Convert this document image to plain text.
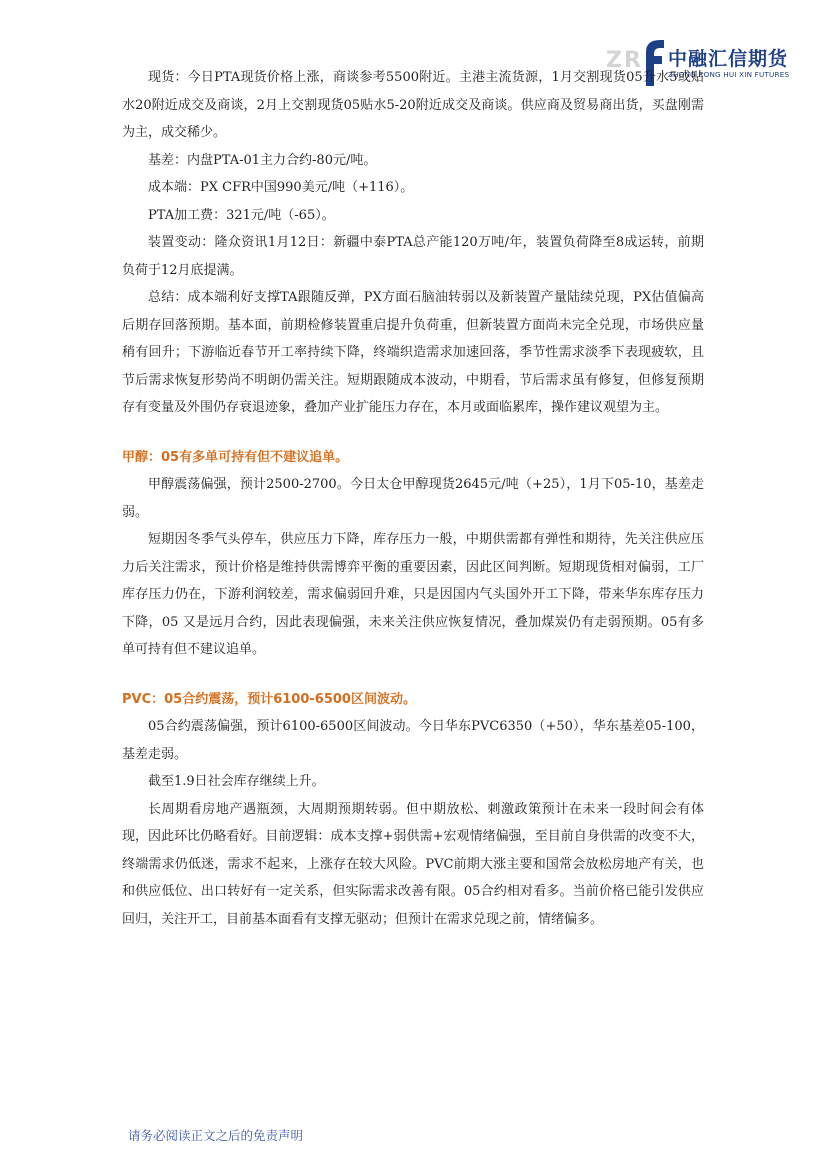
ZR 中融汇信期货
ZHONG RONG HUI XIN FUTURES

现货：今日PTA现货价格上涨，商谈参考5500附近。主港主流货源，1月交割现货05升水5或贴水20附近成交及商谈，2月上交割现货05贴水5-20附近成交及商谈。供应商及贸易商出货，买盘刚需为主，成交稀少。

基差：内盘PTA-01主力合约-80元/吨。

成本端：PX CFR中国990美元/吨（+116）。

PTA加工费：321元/吨（-65）。

装置变动：隆众资讯1月12日：新疆中泰PTA总产能120万吨/年，装置负荷降至8成运转，前期负荷于12月底提满。

总结：成本端利好支撑TA跟随反弹，PX方面石脑油转弱以及新装置产量陆续兑现，PX估值偏高后期存回落预期。基本面，前期检修装置重启提升负荷重，但新装置方面尚未完全兑现，市场供应量稍有回升；下游临近春节开工率持续下降，终端织造需求加速回落，季节性需求淡季下表现疲软，且节后需求恢复形势尚不明朗仍需关注。短期跟随成本波动，中期看，节后需求虽有修复，但修复预期存有变量及外围仍存衰退迹象，叠加产业扩能压力存在，本月或面临累库，操作建议观望为主。

甲醇：05有多单可持有但不建议追单。

甲醇震荡偏强，预计2500-2700。今日太仓甲醇现货2645元/吨（+25），1月下05-10，基差走弱。

短期因冬季气头停车，供应压力下降，库存压力一般，中期供需都有弹性和期待，先关注供应压力后关注需求，预计价格是维持供需博弈平衡的重要因素，因此区间判断。短期现货相对偏弱，工厂库存压力仍在，下游利润较差，需求偏弱回升难，只是因国内气头国外开工下降，带来华东库存压力下降，05 又是远月合约，因此表现偏强，未来关注供应恢复情况，叠加煤炭仍有走弱预期。05有多单可持有但不建议追单。

PVC：05合约震荡，预计6100-6500区间波动。

05合约震荡偏强，预计6100-6500区间波动。今日华东PVC6350（+50），华东基差05-100，基差走弱。

截至1.9日社会库存继续上升。

长周期看房地产遇瓶颈，大周期预期转弱。但中期放松、刺激政策预计在未来一段时间会有体现，因此环比仍略看好。目前逻辑：成本支撑+弱供需+宏观情绪偏强，至目前自身供需的改变不大，终端需求仍低迷，需求不起来，上涨存在较大风险。PVC前期大涨主要和国常会放松房地产有关，也和供应低位、出口转好有一定关系，但实际需求改善有限。05合约相对看多。当前价格已能引发供应回归，关注开工，目前基本面看有支撑无驱动；但预计在需求兑现之前，情绪偏多。

请务必阅读正文之后的免责声明
